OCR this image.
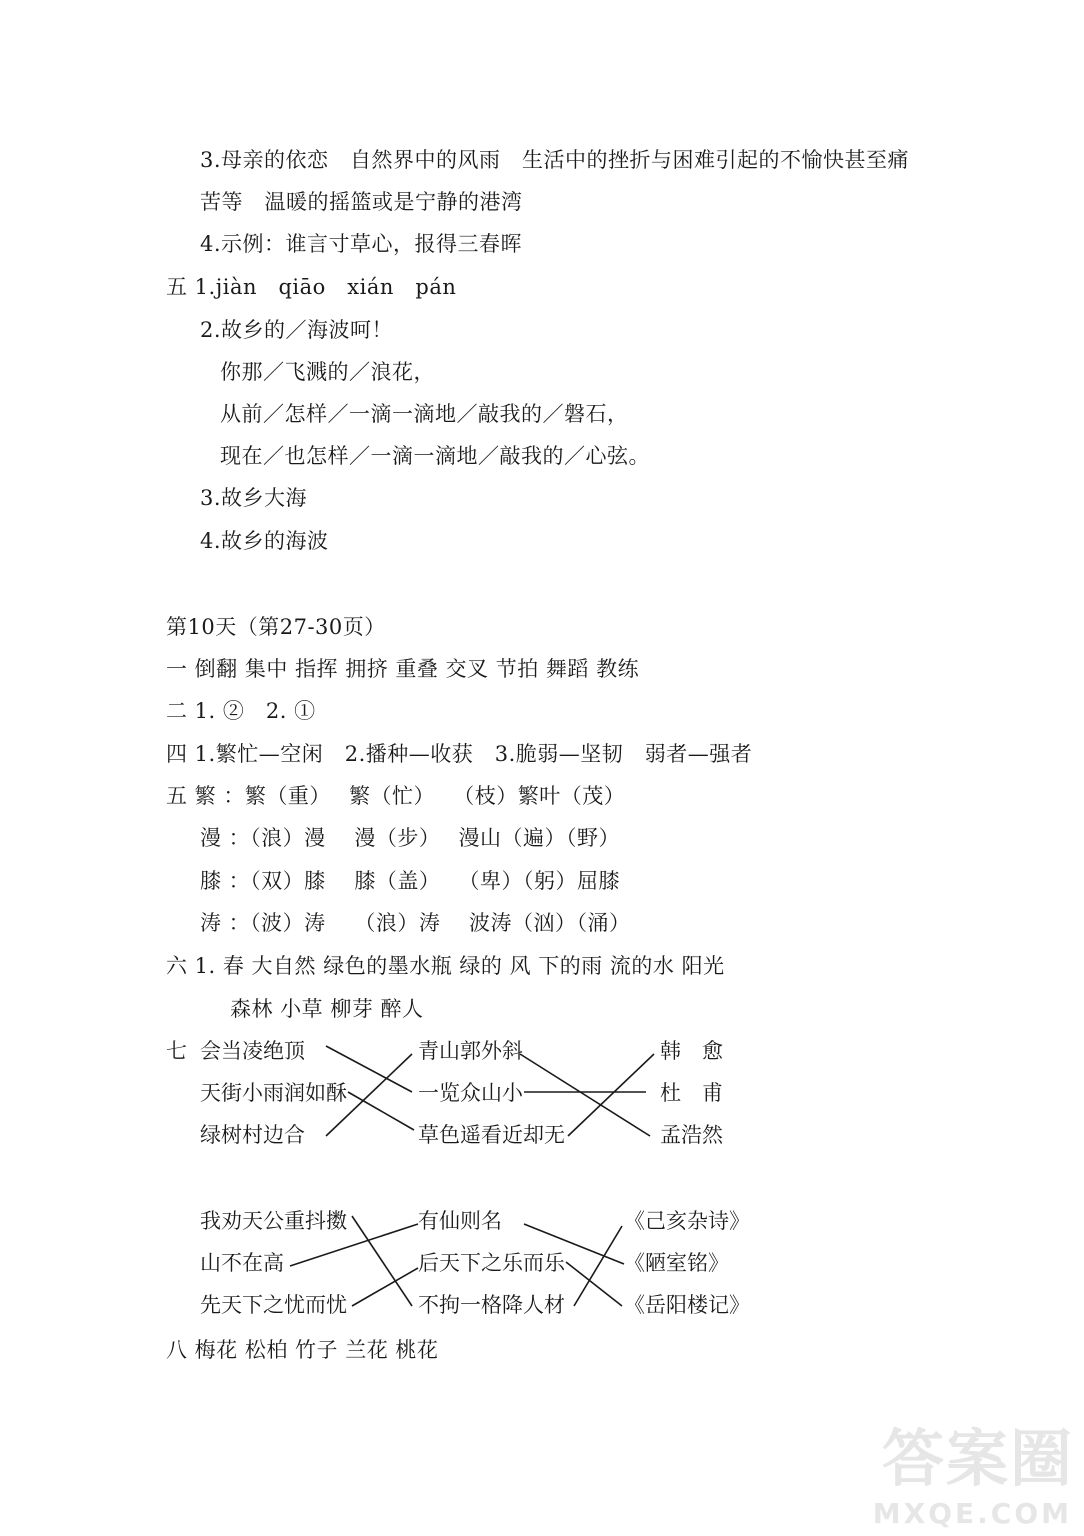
3.母亲的依恋　自然界中的风雨　生活中的挫折与困难引起的不愉快甚至痛
苦等　温暖的摇篮或是宁静的港湾
4.示例：谁言寸草心，报得三春晖
五 1.jiàn　qiāo　xián　pán
2.故乡的／海波呵！
你那／飞溅的／浪花，
从前／怎样／一滴一滴地／敲我的／磐石，
现在／也怎样／一滴一滴地／敲我的／心弦。
3.故乡大海
4.故乡的海波
第10天（第27-30页）
一 倒翻 集中 指挥 拥挤 重叠 交叉 节拍 舞蹈 教练
二 1. ②　2. ①
四 1.繁忙—空闲　2.播种—收获　3.脆弱—坚韧　弱者—强者
五 繁 ：繁（重）　 繁（忙）　 （枝）繁叶（茂）
漫 ：（浪）漫　 漫（步）　 漫山（遍）（野）
膝 ：（双）膝　 膝（盖）　 （卑）（躬）屈膝
涛 ：（波）涛　 （浪）涛　 波涛（汹）（涌）
六 1. 春 大自然 绿色的墨水瓶 绿的 风 下的雨 流的水 阳光
森林 小草 柳芽 醉人
七 会当凌绝顶
天街小雨润如酥
绿树村边合
青山郭外斜
一览众山小
草色遥看近却无
韩　愈
杜　甫
孟浩然
我劝天公重抖擞
山不在高
先天下之忧而忧
有仙则名
后天下之乐而乐
不拘一格降人材
《己亥杂诗》
《陋室铭》
《岳阳楼记》
八 梅花 松柏 竹子 兰花 桃花
答案圈
MXQE.COM
